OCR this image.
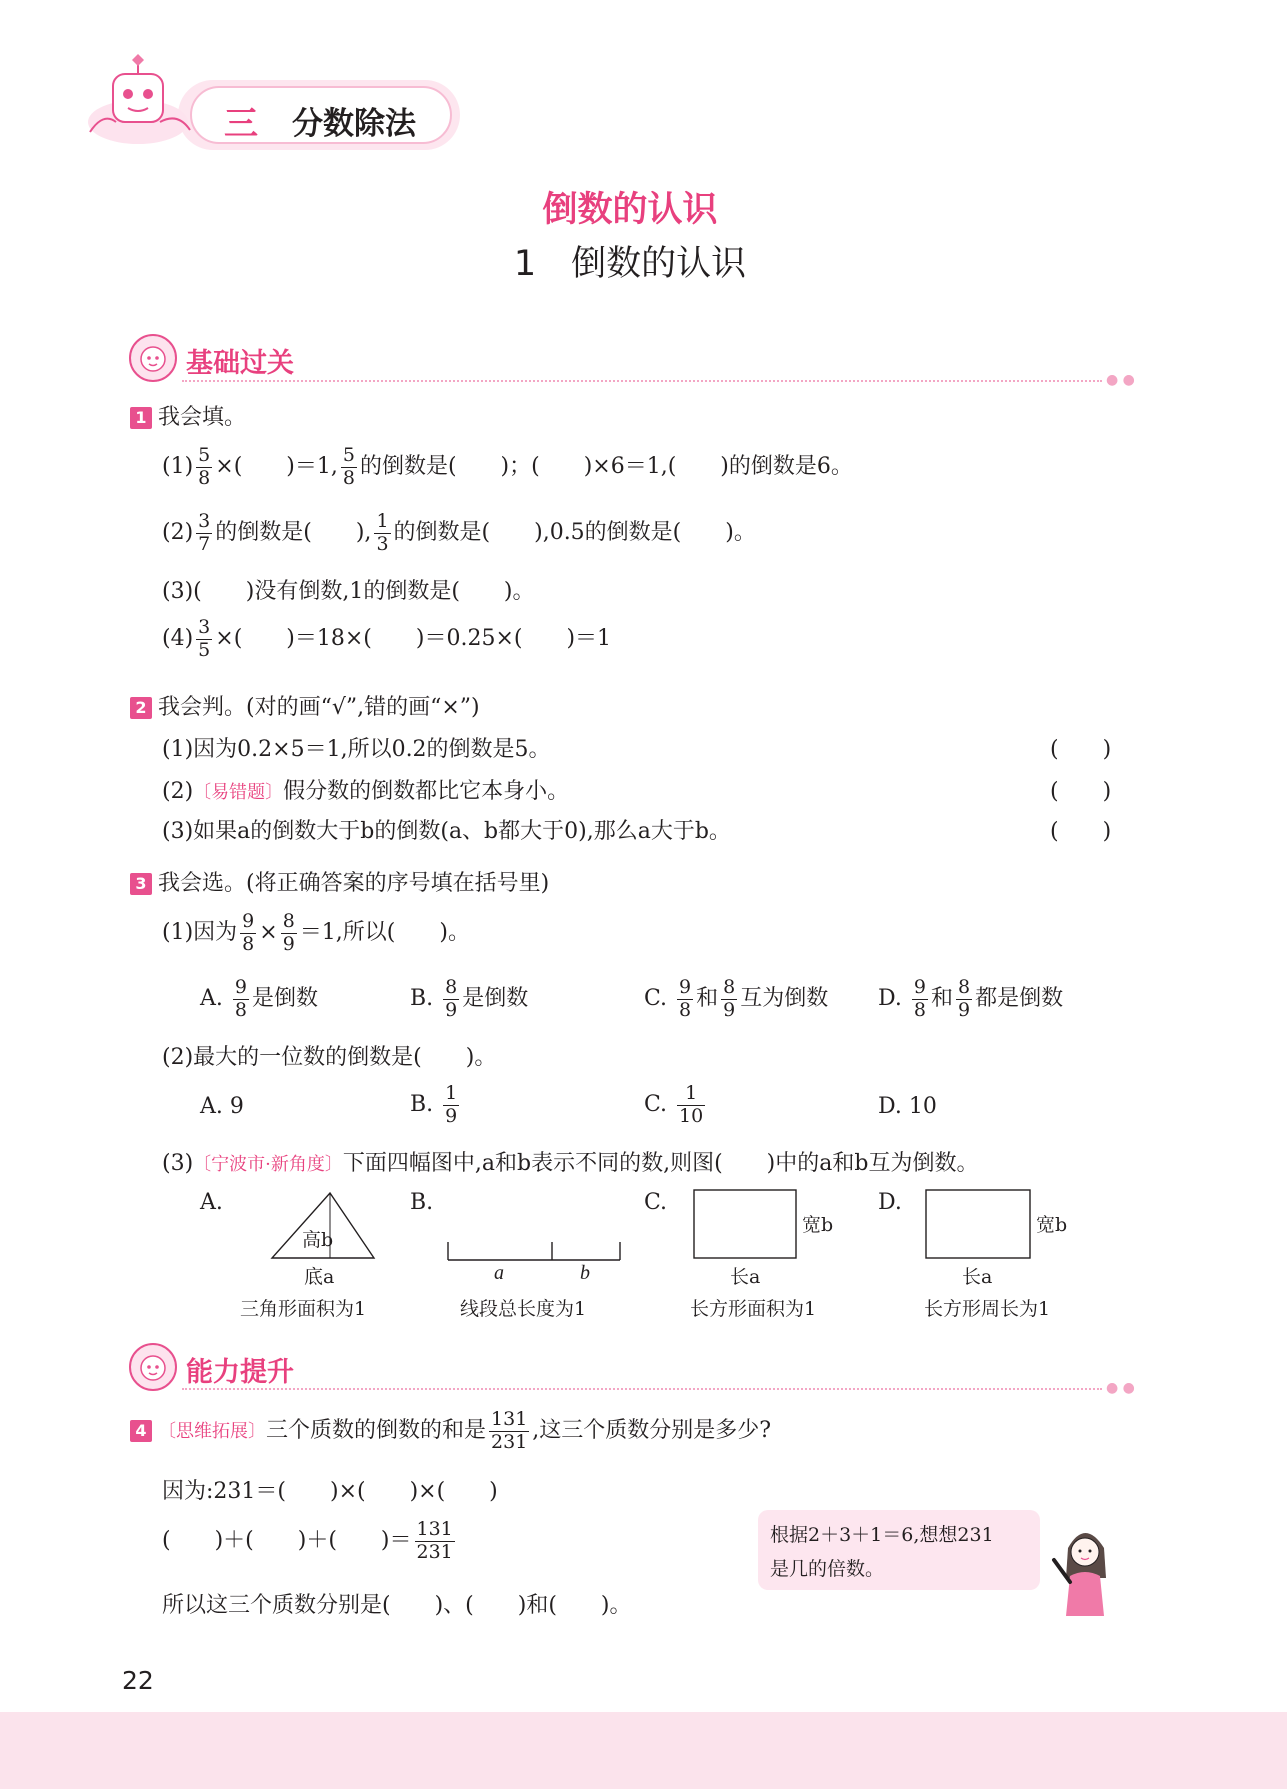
三 分数除法
倒数的认识
1　倒数的认识
基础过关
● ●
1 我会填。
$(1) \frac{5}{8}$ ×(　　)＝1, $\frac{5}{8}$ 的倒数是(　　)；(　　)×6＝1,(　　)的倒数是6。
$(2) \frac{3}{7}$ 的倒数是(　　), $\frac{1}{3}$ 的倒数是(　　),0.5的倒数是(　　)。
(3)(　　)没有倒数,1的倒数是(　　)。
$(4) \frac{3}{5}$ ×(　　)＝18×(　　)＝0.25×(　　)＝1
2 我会判。(对的画“√”,错的画“×”)
(1)因为0.2×5＝1,所以0.2的倒数是5。	(　　)
(2)〔易错题〕假分数的倒数都比它本身小。	(　　)
(3)如果a的倒数大于b的倒数(a、b都大于0),那么a大于b。	(　　)
3 我会选。(将正确答案的序号填在括号里)
(1)因为 $\frac{9}{8} \times \frac{8}{9} =1$,所以(　　)。
A. $\frac{9}{8}$ 是倒数	B. $\frac{8}{9}$ 是倒数	C. $\frac{9}{8}$ 和 $\frac{8}{9}$ 互为倒数 D. $\frac{9}{8}$ 和 $\frac{8}{9}$ 都是倒数
(2)最大的一位数的倒数是(　　)。
A. 9	B. $\frac{1}{9}$	C. $\frac{1}{10}$	D. 10
(3)〔宁波市·新角度〕下面四幅图中,a和b表示不同的数,则图(　　)中的a和b互为倒数。
A.
高b
底a
三角形面积为1
B.
a	b
线段总长度为1
C.
宽b
长a
长方形面积为1
D.
宽b
长a
长方形周长为1
能力提升	● ●
4 〔思维拓展〕三个质数的倒数的和是 $\frac{131}{231}$ ,这三个质数分别是多少?
因为:231＝(　　)×(　　)×(　　)
(　　)＋(　　)＋(　　)＝ $\frac{131}{231}$
所以这三个质数分别是(　　)、(　　)和(　　)。
根据2＋3＋1＝6,想想231
是几的倍数。
22
